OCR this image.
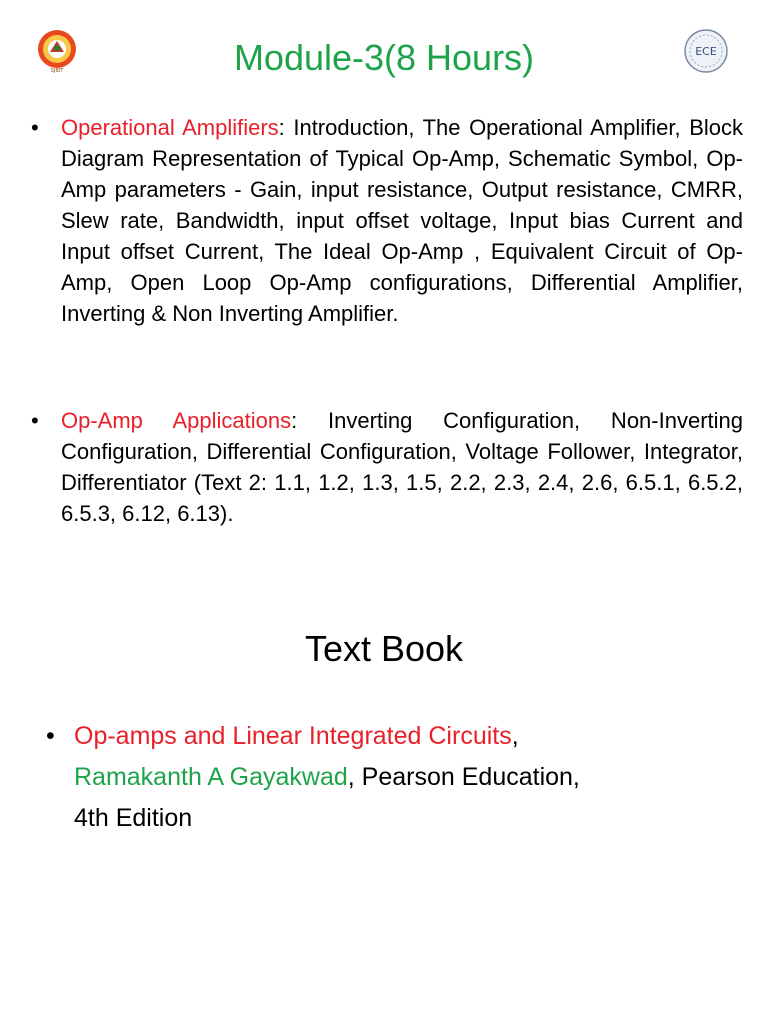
SJBIT
ECE
Module-3(8 Hours)
•	Operational Amplifiers: Introduction, The Operational Amplifier, Block Diagram Representation of Typical Op-Amp, Schematic Symbol, Op-Amp parameters - Gain, input resistance, Output resistance, CMRR, Slew rate, Bandwidth, input offset voltage, Input bias Current and Input offset Current, The Ideal Op-Amp , Equivalent Circuit of Op-Amp, Open Loop Op-Amp configurations, Differential Amplifier, Inverting & Non Inverting Amplifier.
•	Op-Amp Applications: Inverting Configuration, Non-Inverting Configuration, Differential Configuration, Voltage Follower, Integrator, Differentiator (Text 2: 1.1, 1.2, 1.3, 1.5, 2.2, 2.3, 2.4, 2.6, 6.5.1, 6.5.2, 6.5.3, 6.12, 6.13).
Text Book
• Op-amps and Linear Integrated Circuits,
Ramakanth A Gayakwad, Pearson Education,
4th Edition
